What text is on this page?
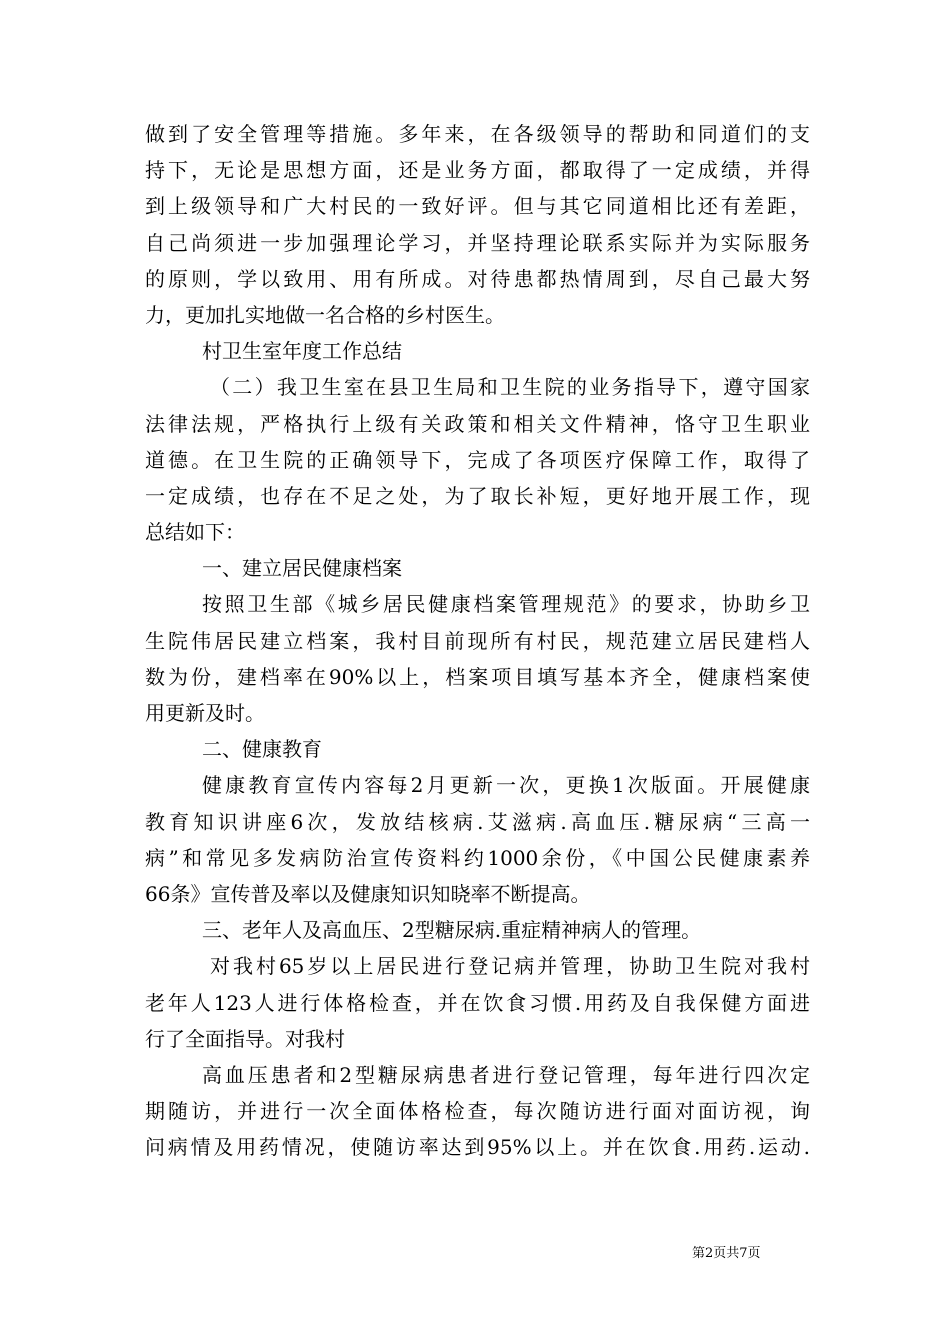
做到了安全管理等措施。多年来，在各级领导的帮助和同道们的支
持下，无论是思想方面，还是业务方面，都取得了一定成绩，并得
到上级领导和广大村民的一致好评。但与其它同道相比还有差距，
自己尚须进一步加强理论学习，并坚持理论联系实际并为实际服务
的原则，学以致用、用有所成。对待患都热情周到，尽自己最大努
力，更加扎实地做一名合格的乡村医生。
村卫生室年度工作总结
（二）我卫生室在县卫生局和卫生院的业务指导下，遵守国家
法律法规，严格执行上级有关政策和相关文件精神，恪守卫生职业
道德。在卫生院的正确领导下，完成了各项医疗保障工作，取得了
一定成绩，也存在不足之处，为了取长补短，更好地开展工作，现
总结如下：
一、建立居民健康档案
按照卫生部《城乡居民健康档案管理规范》的要求，协助乡卫
生院伟居民建立档案，我村目前现所有村民，规范建立居民建档人
数为份，建档率在90%以上，档案项目填写基本齐全，健康档案使
用更新及时。
二、健康教育
健康教育宣传内容每2月更新一次，更换1次版面。开展健康
教育知识讲座6次，发放结核病.艾滋病.高血压.糖尿病“三高一
病”和常见多发病防治宣传资料约1000余份，《中国公民健康素养
66条》宣传普及率以及健康知识知晓率不断提高。
三、老年人及高血压、2型糖尿病.重症精神病人的管理。
对我村65岁以上居民进行登记病并管理，协助卫生院对我村
老年人123人进行体格检查，并在饮食习惯.用药及自我保健方面进
行了全面指导。对我村
高血压患者和2型糖尿病患者进行登记管理，每年进行四次定
期随访，并进行一次全面体格检查，每次随访进行面对面访视，询
问病情及用药情况，使随访率达到95%以上。并在饮食.用药.运动.
第2页共7页
